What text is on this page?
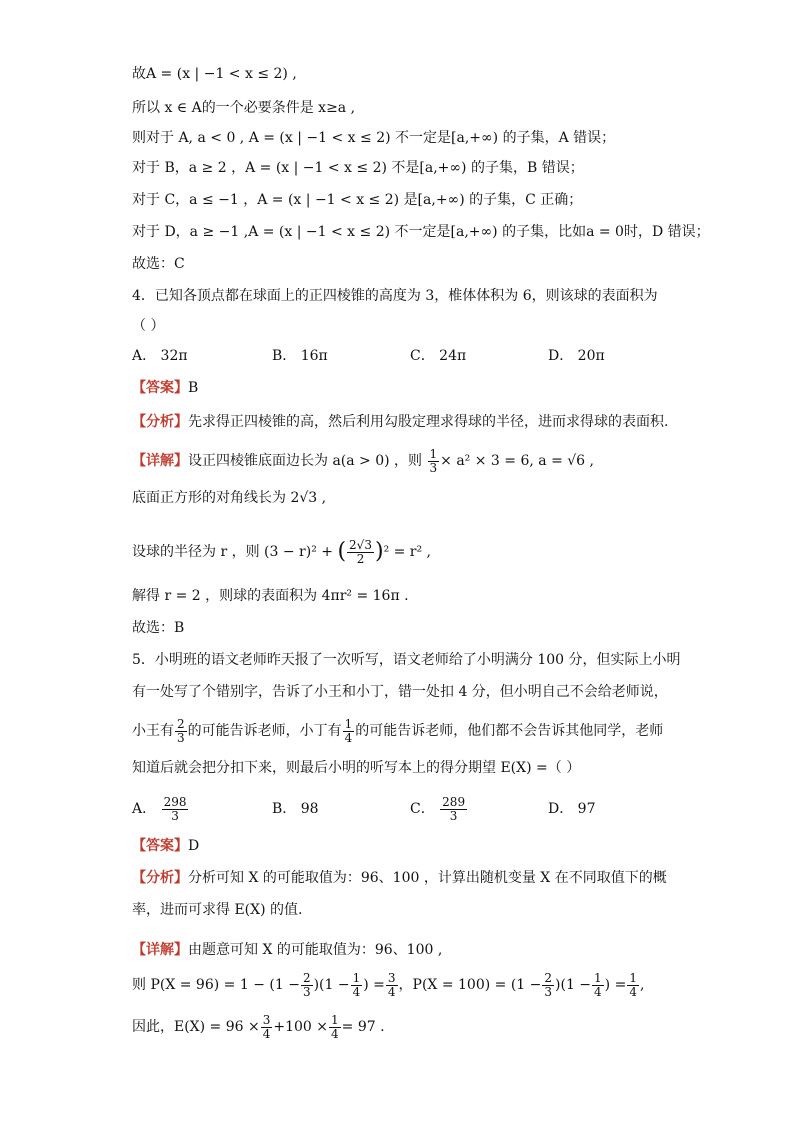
故A = (x | −1 < x ≤ 2) ,
所以 x ∈ A的一个必要条件是 x≥a ,
则对于 A, a < 0 , A = (x | −1 < x ≤ 2) 不一定是[a,+∞) 的子集，A 错误；
对于 B，a ≥ 2 ，A = (x | −1 < x ≤ 2) 不是[a,+∞) 的子集，B 错误；
对于 C，a ≤ −1 ，A = (x | −1 < x ≤ 2) 是[a,+∞) 的子集，C 正确；
对于 D，a ≥ −1 ,A = (x | −1 < x ≤ 2) 不一定是[a,+∞) 的子集，比如a = 0时，D 错误；
故选：C
4．已知各顶点都在球面上的正四棱锥的高度为 3，椎体体积为 6，则该球的表面积为
（ ）
A． 32π	B． 16π	C． 24π	D． 20π
【答案】B
【分析】先求得正四棱锥的高，然后利用勾股定理求得球的半径，进而求得球的表面积.
【详解】设正四棱锥底面边长为 a(a > 0) ，则 $\frac{1}{3} \times a^2 \times 3 = 6$, a = √6 ,
底面正方形的对角线长为 2√3 ,
设球的半径为 r ，则 (3 − r)² + ( $\frac{2√3}{2} )^2 = r^2$ ,
解得 r = 2 ，则球的表面积为 4πr² = 16π .
故选：B
5．小明班的语文老师昨天报了一次听写，语文老师给了小明满分 100 分，但实际上小明
有一处写了个错别字，告诉了小王和小丁，错一处扣 4 分，但小明自己不会给老师说，
小王有 $\frac{2}{3}$ 的可能告诉老师，小丁有 $\frac{1}{4}$ 的可能告诉老师，他们都不会告诉其他同学，老师
知道后就会把分扣下来，则最后小明的听写本上的得分期望 E(X) =（ ）
A． $\frac{298}{3}$	B． 98	C． $\frac{289}{3}$	D． 97
【答案】D
【分析】分析可知 X 的可能取值为：96、100 ，计算出随机变量 X 在不同取值下的概
率，进而可求得 E(X) 的值.
【详解】由题意可知 X 的可能取值为：96、100 ,
则 $P(X = 96) = 1 - (1 - \frac{2}{3} )(1 - \frac{1}{4}$ ) = $\frac{3}{4}$ ，$P(X = 100) = (1 - \frac{2}{3} )(1 - \frac{1}{4}$ ) = $\frac{1}{4}$ ,
因此，$E(X) = 96 \times \frac{3}{4} +100 \times \frac{1}{4} = 97$ .
